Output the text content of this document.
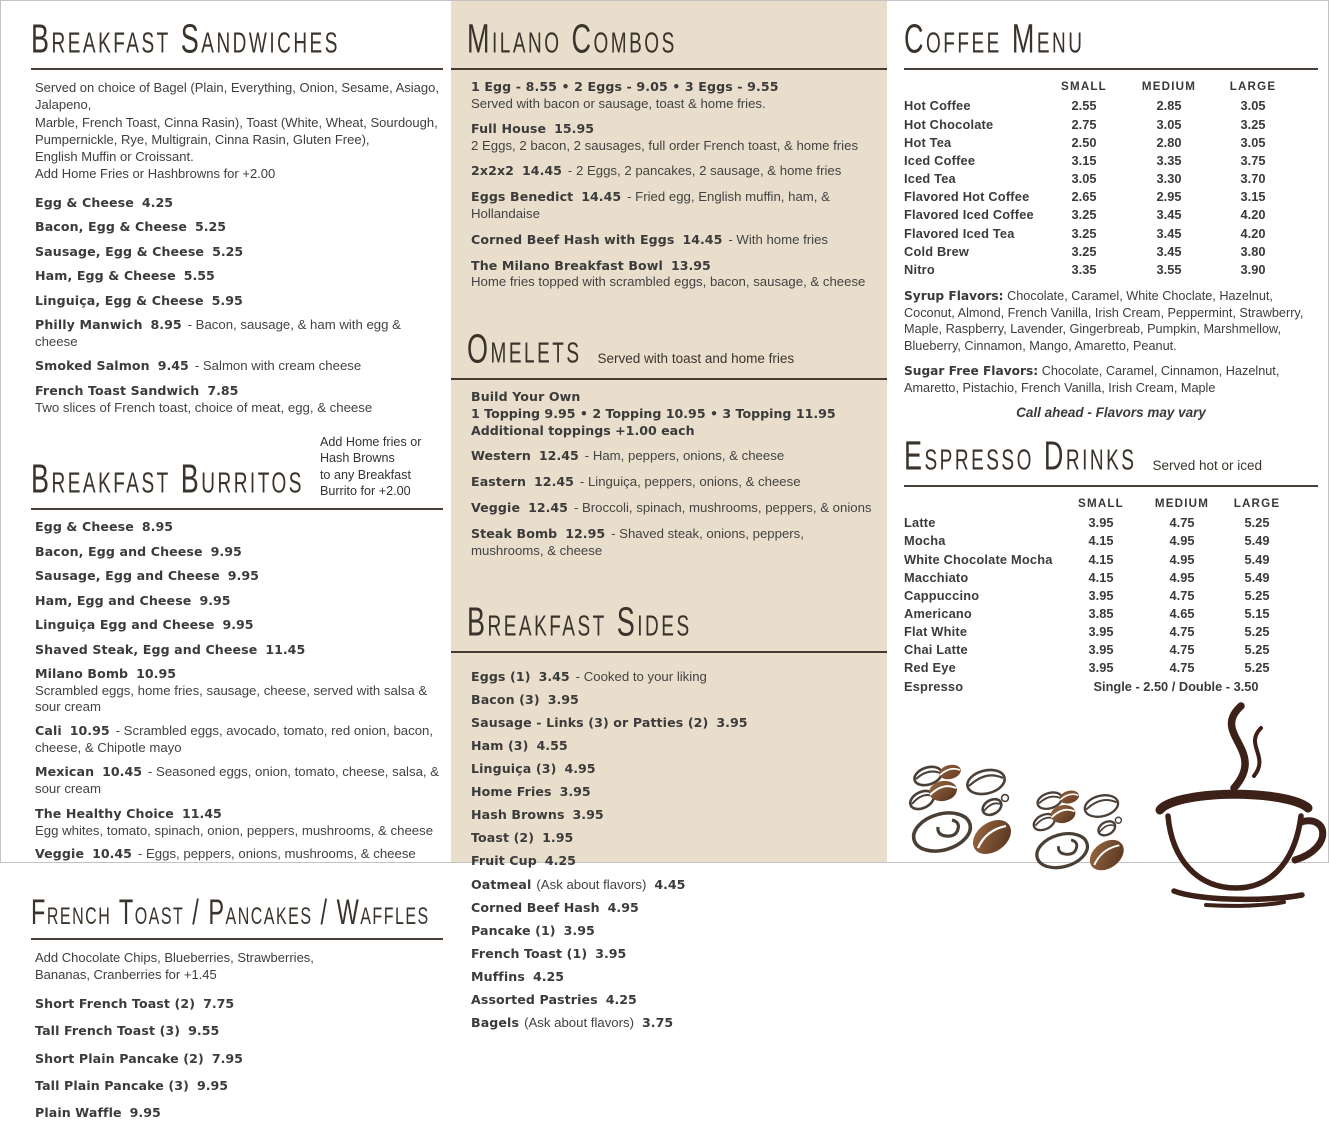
Breakfast Sandwiches
Served on choice of Bagel (Plain, Everything, Onion, Sesame, Asiago, Jalapeno,
Marble, French Toast, Cinna Rasin), Toast (White, Wheat, Sourdough,
Pumpernickle, Rye, Multigrain, Cinna Rasin, Gluten Free),
English Muffin or Croissant.
Add Home Fries or Hashbrowns for +2.00
Egg & Cheese 4.25
Bacon, Egg & Cheese 5.25
Sausage, Egg & Cheese 5.25
Ham, Egg & Cheese 5.55
Linguiça, Egg & Cheese 5.95
Philly Manwich 8.95 - Bacon, sausage, & ham with egg & cheese
Smoked Salmon 9.45 - Salmon with cream cheese
French Toast Sandwich 7.85
Two slices of French toast, choice of meat, egg, & cheese
Breakfast Burritos
Add Home fries or Hash Browns
to any Breakfast Burrito for +2.00
Egg & Cheese 8.95
Bacon, Egg and Cheese 9.95
Sausage, Egg and Cheese 9.95
Ham, Egg and Cheese 9.95
Linguiça Egg and Cheese 9.95
Shaved Steak, Egg and Cheese 11.45
Milano Bomb 10.95
Scrambled eggs, home fries, sausage, cheese, served with salsa & sour cream
Cali 10.95 - Scrambled eggs, avocado, tomato, red onion, bacon, cheese, & Chipotle mayo
Mexican 10.45 - Seasoned eggs, onion, tomato, cheese, salsa, & sour cream
The Healthy Choice 11.45
Egg whites, tomato, spinach, onion, peppers, mushrooms, & cheese
Veggie 10.45 - Eggs, peppers, onions, mushrooms, & cheese
French Toast / Pancakes / Waffles
Add Chocolate Chips, Blueberries, Strawberries,
Bananas, Cranberries for +1.45
Short French Toast (2) 7.75
Tall French Toast (3) 9.55
Short Plain Pancake (2) 7.95
Tall Plain Pancake (3) 9.95
Plain Waffle 9.95
Milano Combos
1 Egg - 8.55 • 2 Eggs - 9.05 • 3 Eggs - 9.55
Served with bacon or sausage, toast & home fries.
Full House 15.95
2 Eggs, 2 bacon, 2 sausages, full order French toast, & home fries
2x2x2 14.45 - 2 Eggs, 2 pancakes, 2 sausage, & home fries
Eggs Benedict 14.45 - Fried egg, English muffin, ham, & Hollandaise
Corned Beef Hash with Eggs 14.45 - With home fries
The Milano Breakfast Bowl 13.95
Home fries topped with scrambled eggs, bacon, sausage, & cheese
Omelets Served with toast and home fries
Build Your Own
1 Topping 9.95 • 2 Topping 10.95 • 3 Topping 11.95
Additional toppings +1.00 each
Western 12.45 - Ham, peppers, onions, & cheese
Eastern 12.45 - Linguiça, peppers, onions, & cheese
Veggie 12.45 - Broccoli, spinach, mushrooms, peppers, & onions
Steak Bomb 12.95 - Shaved steak, onions, peppers, mushrooms, & cheese
Breakfast Sides
Eggs (1) 3.45 - Cooked to your liking
Bacon (3) 3.95
Sausage - Links (3) or Patties (2) 3.95
Ham (3) 4.55
Linguiça (3) 4.95
Home Fries 3.95
Hash Browns 3.95
Toast (2) 1.95
Fruit Cup 4.25
Oatmeal (Ask about flavors) 4.45
Corned Beef Hash 4.95
Pancake (1) 3.95
French Toast (1) 3.95
Muffins 4.25
Assorted Pastries 4.25
Bagels (Ask about flavors) 3.75
Coffee Menu
SMALL	MEDIUM	LARGE
Hot Coffee	2.55	2.85	3.05
Hot Chocolate	2.75	3.05	3.25
Hot Tea	2.50	2.80	3.05
Iced Coffee	3.15	3.35	3.75
Iced Tea	3.05	3.30	3.70
Flavored Hot Coffee	2.65	2.95	3.15
Flavored Iced Coffee	3.25	3.45	4.20
Flavored Iced Tea	3.25	3.45	4.20
Cold Brew	3.25	3.45	3.80
Nitro	3.35	3.55	3.90

Syrup Flavors: Chocolate, Caramel, White Choclate, Hazelnut, Coconut, Almond, French Vanilla, Irish Cream, Peppermint, Strawberry, Maple, Raspberry, Lavender, Gingerbreab, Pumpkin, Marshmellow, Blueberry, Cinnamon, Mango, Amaretto, Peanut.

Sugar Free Flavors: Chocolate, Caramel, Cinnamon, Hazelnut, Amaretto, Pistachio, French Vanilla, Irish Cream, Maple

Call ahead - Flavors may vary
Espresso Drinks Served hot or iced
SMALL	MEDIUM	LARGE
Latte	3.95	4.75	5.25
Mocha	4.15	4.95	5.49
White Chocolate Mocha	4.15	4.95	5.49
Macchiato	4.15	4.95	5.49
Cappuccino	3.95	4.75	5.25
Americano	3.85	4.65	5.15
Flat White	3.95	4.75	5.25
Chai Latte	3.95	4.75	5.25
Red Eye	3.95	4.75	5.25
Espresso	Single - 2.50 / Double - 3.50
